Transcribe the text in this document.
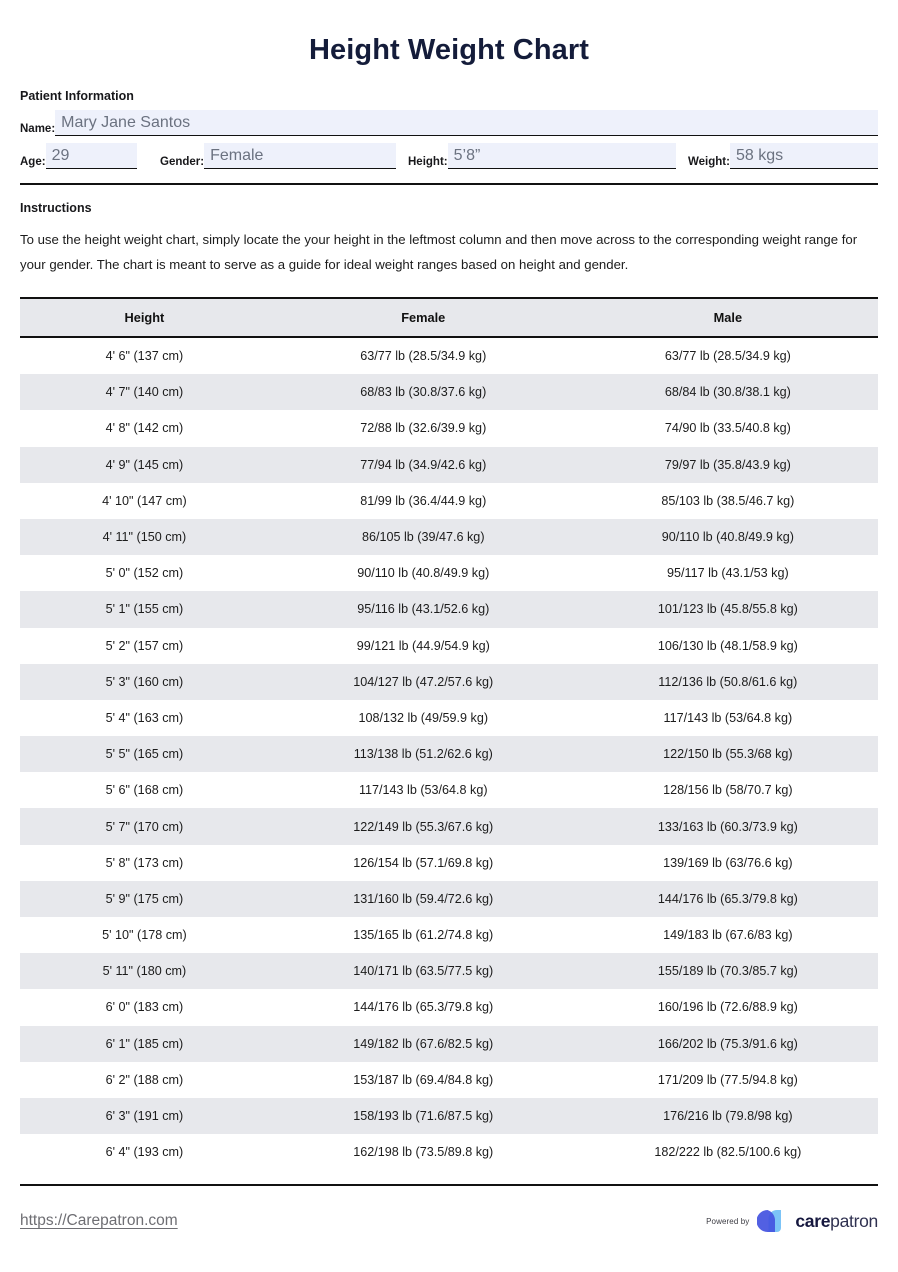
Height Weight Chart
Patient Information
Name: Mary Jane Santos
Age: 29	Gender: Female	Height: 5’8”	Weight: 58 kgs
Instructions

To use the height weight chart, simply locate the your height in the leftmost column and then move across to the corresponding weight range for your gender. The chart is meant to serve as a guide for ideal weight ranges based on height and gender.

Height	Female	Male
4' 6" (137 cm)	63/77 lb (28.5/34.9 kg)	63/77 lb (28.5/34.9 kg)
4' 7" (140 cm)	68/83 lb (30.8/37.6 kg)	68/84 lb (30.8/38.1 kg)
4' 8" (142 cm)	72/88 lb (32.6/39.9 kg)	74/90 lb (33.5/40.8 kg)
4' 9" (145 cm)	77/94 lb (34.9/42.6 kg)	79/97 lb (35.8/43.9 kg)
4' 10" (147 cm)	81/99 lb (36.4/44.9 kg)	85/103 lb (38.5/46.7 kg)
4' 11" (150 cm)	86/105 lb (39/47.6 kg)	90/110 lb (40.8/49.9 kg)
5' 0" (152 cm)	90/110 lb (40.8/49.9 kg)	95/117 lb (43.1/53 kg)
5' 1" (155 cm)	95/116 lb (43.1/52.6 kg)	101/123 lb (45.8/55.8 kg)
5' 2" (157 cm)	99/121 lb (44.9/54.9 kg)	106/130 lb (48.1/58.9 kg)
5' 3" (160 cm)	104/127 lb (47.2/57.6 kg)	112/136 lb (50.8/61.6 kg)
5' 4" (163 cm)	108/132 lb (49/59.9 kg)	117/143 lb (53/64.8 kg)
5' 5" (165 cm)	113/138 lb (51.2/62.6 kg)	122/150 lb (55.3/68 kg)
5' 6" (168 cm)	117/143 lb (53/64.8 kg)	128/156 lb (58/70.7 kg)
5' 7" (170 cm)	122/149 lb (55.3/67.6 kg)	133/163 lb (60.3/73.9 kg)
5' 8" (173 cm)	126/154 lb (57.1/69.8 kg)	139/169 lb (63/76.6 kg)
5' 9" (175 cm)	131/160 lb (59.4/72.6 kg)	144/176 lb (65.3/79.8 kg)
5' 10" (178 cm)	135/165 lb (61.2/74.8 kg)	149/183 lb (67.6/83 kg)
5' 11" (180 cm)	140/171 lb (63.5/77.5 kg)	155/189 lb (70.3/85.7 kg)
6' 0" (183 cm)	144/176 lb (65.3/79.8 kg)	160/196 lb (72.6/88.9 kg)
6' 1" (185 cm)	149/182 lb (67.6/82.5 kg)	166/202 lb (75.3/91.6 kg)
6' 2" (188 cm)	153/187 lb (69.4/84.8 kg)	171/209 lb (77.5/94.8 kg)
6' 3" (191 cm)	158/193 lb (71.6/87.5 kg)	176/216 lb (79.8/98 kg)
6' 4" (193 cm)	162/198 lb (73.5/89.8 kg)	182/222 lb (82.5/100.6 kg)
https://Carepatron.com	Powered by	carepatron
